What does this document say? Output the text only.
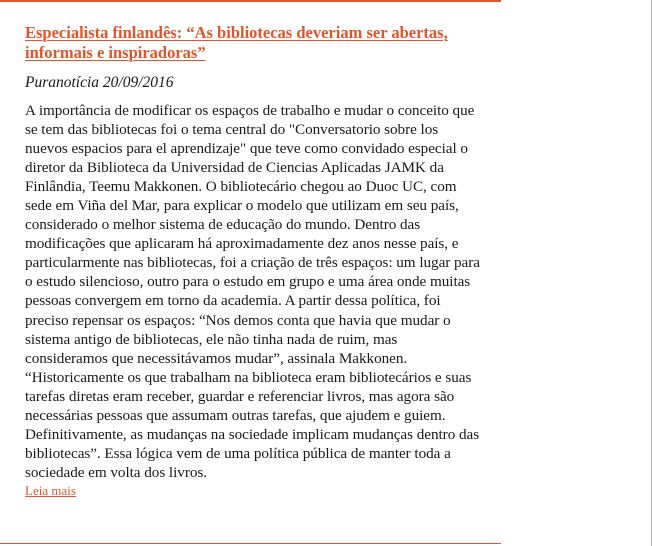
Especialista finlandês: “As bibliotecas deveriam ser abertas, informais e inspiradoras”
Puranotícia 20/09/2016

A importância de modificar os espaços de trabalho e mudar o conceito que se tem das bibliotecas foi o tema central do "Conversatorio sobre los nuevos espacios para el aprendizaje" que teve como convidado especial o diretor da Biblioteca da Universidad de Ciencias Aplicadas JAMK da Finlândia, Teemu Makkonen. O bibliotecário chegou ao Duoc UC, com sede em Viña del Mar, para explicar o modelo que utilizam em seu país, considerado o melhor sistema de educação do mundo. Dentro das modificações que aplicaram há aproximadamente dez anos nesse país, e particularmente nas bibliotecas, foi a criação de três espaços: um lugar para o estudo silencioso, outro para o estudo em grupo e uma área onde muitas pessoas convergem em torno da academia. A partir dessa política, foi preciso repensar os espaços: “Nos demos conta que havia que mudar o sistema antigo de bibliotecas, ele não tinha nada de ruim, mas consideramos que necessitávamos mudar”, assinala Makkonen. “Historicamente os que trabalham na biblioteca eram bibliotecários e suas tarefas diretas eram receber, guardar e referenciar livros, mas agora são necessárias pessoas que assumam outras tarefas, que ajudem e guiem. Definitivamente, as mudanças na sociedade implicam mudanças dentro das bibliotecas”. Essa lógica vem de uma política pública de manter toda a sociedade em volta dos livros.

Leia mais
